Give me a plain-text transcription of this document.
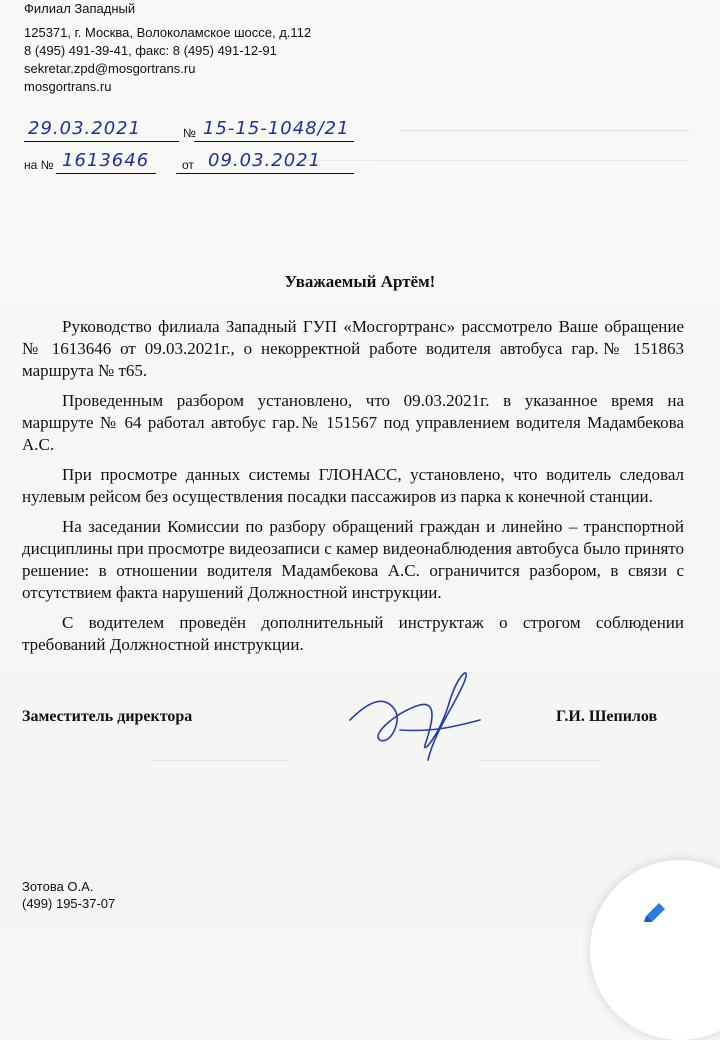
Филиал Западный
125371, г. Москва, Волоколамское шоссе, д.112
8 (495) 491-39-41, факс: 8 (495) 491-12-91
sekretar.zpd@mosgortrans.ru
mosgortrans.ru
29.03.2021	№ 15-15-1048/21
на № 1613646	от 09.03.2021
Уважаемый Артём!

Руководство филиала Западный ГУП «Мосгортранс» рассмотрело Ваше обращение № 1613646 от 09.03.2021г., о некорректной работе водителя автобуса гар.№ 151863 маршрута № т65.

Проведенным разбором установлено, что 09.03.2021г. в указанное время на маршруте № 64 работал автобус гар.№ 151567 под управлением водителя Мадамбекова А.С.

При просмотре данных системы ГЛОНАСС, установлено, что водитель следовал нулевым рейсом без осуществления посадки пассажиров из парка к конечной станции.

На заседании Комиссии по разбору обращений граждан и линейно – транспортной дисциплины при просмотре видеозаписи с камер видеонаблюдения автобуса было принято решение: в отношении водителя Мадамбекова А.С. ограничится разбором, в связи с отсутствием факта нарушений Должностной инструкции.

С водителем проведён дополнительный инструктаж о строгом соблюдении требований Должностной инструкции.

Заместитель директора	Г.И. Шепилов
Зотова О.А.
(499) 195-37-07
